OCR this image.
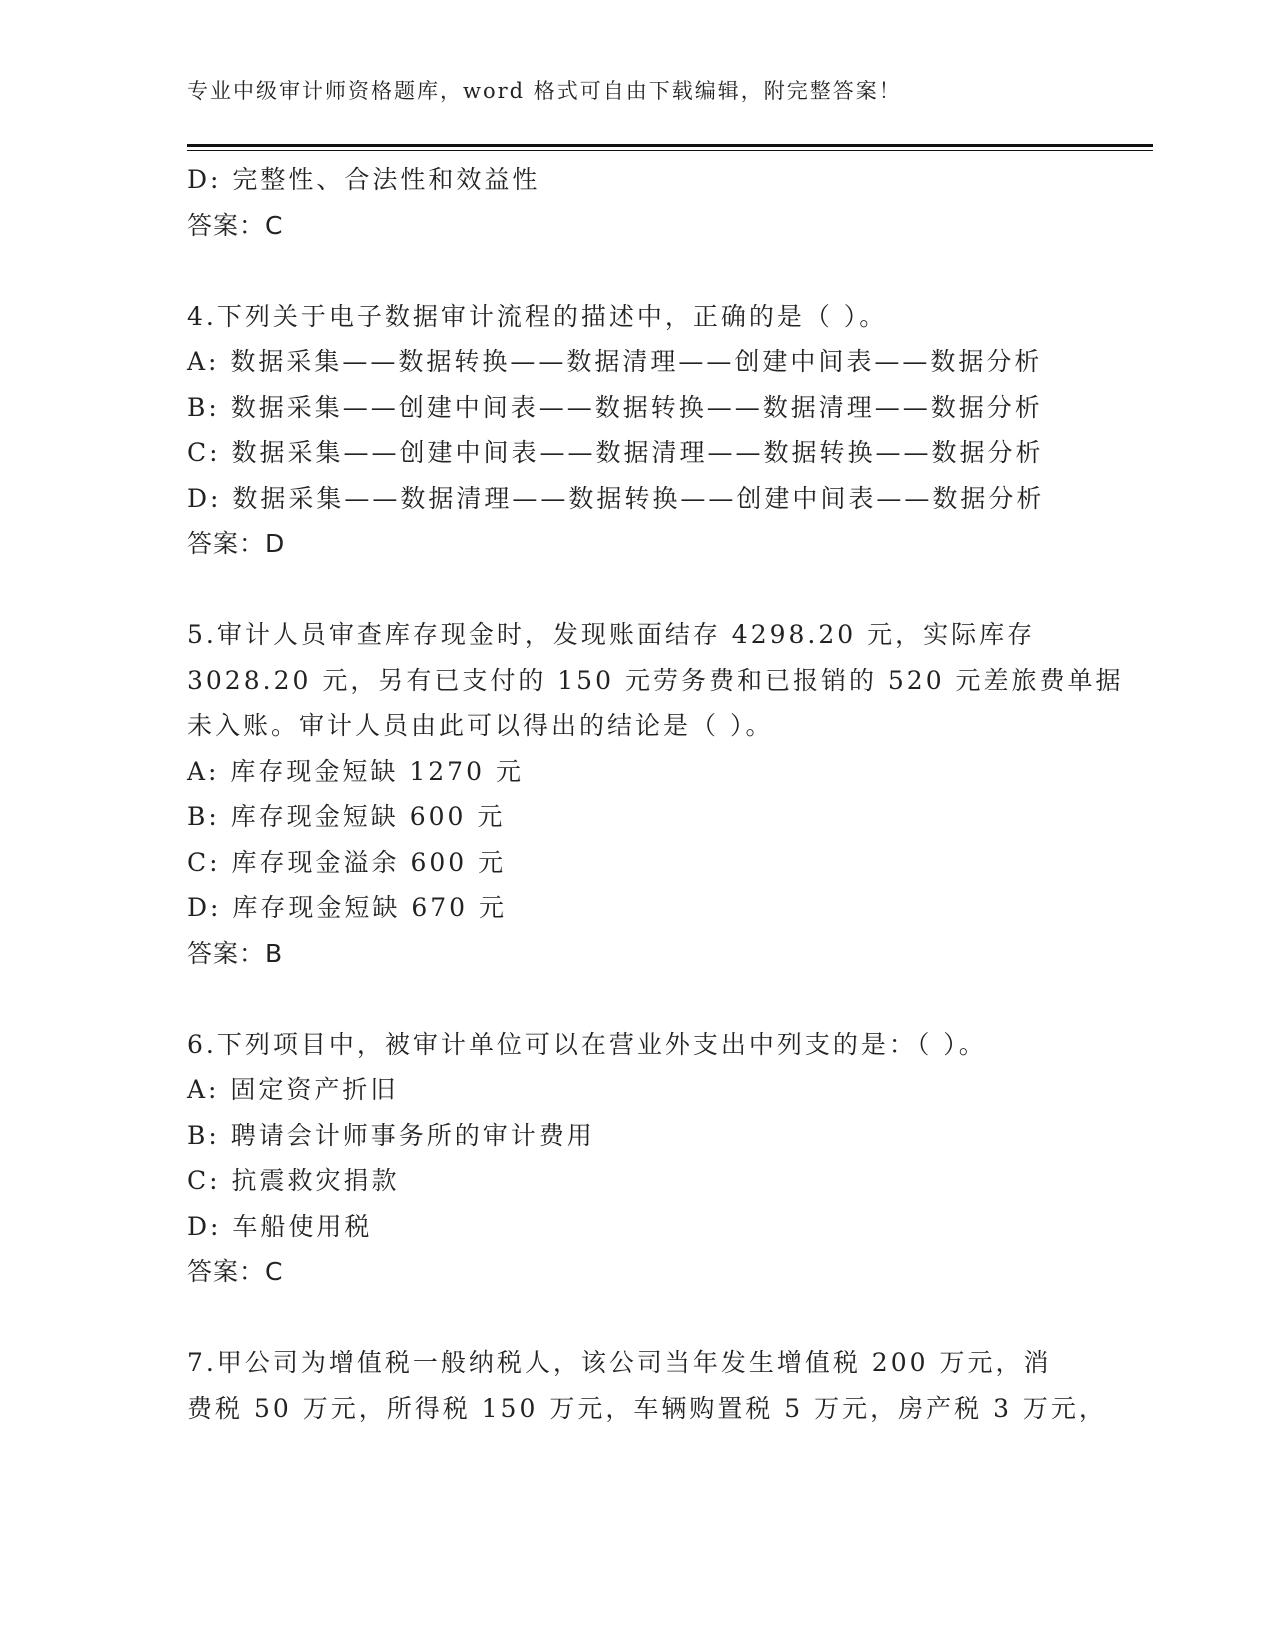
专业中级审计师资格题库，word 格式可自由下载编辑，附完整答案！
D: 完整性、合法性和效益性
答案：C
4.下列关于电子数据审计流程的描述中，正确的是（ ）。
A: 数据采集——数据转换——数据清理——创建中间表——数据分析
B: 数据采集——创建中间表——数据转换——数据清理——数据分析
C: 数据采集——创建中间表——数据清理——数据转换——数据分析
D: 数据采集——数据清理——数据转换——创建中间表——数据分析
答案：D
5.审计人员审查库存现金时，发现账面结存 4298.20 元，实际库存
3028.20 元，另有已支付的 150 元劳务费和已报销的 520 元差旅费单据
未入账。审计人员由此可以得出的结论是（ ）。
A: 库存现金短缺 1270 元
B: 库存现金短缺 600 元
C: 库存现金溢余 600 元
D: 库存现金短缺 670 元
答案：B
6.下列项目中，被审计单位可以在营业外支出中列支的是：（ ）。
A: 固定资产折旧
B: 聘请会计师事务所的审计费用
C: 抗震救灾捐款
D: 车船使用税
答案：C
7.甲公司为增值税一般纳税人，该公司当年发生增值税 200 万元，消
费税 50 万元，所得税 150 万元，车辆购置税 5 万元，房产税 3 万元，
